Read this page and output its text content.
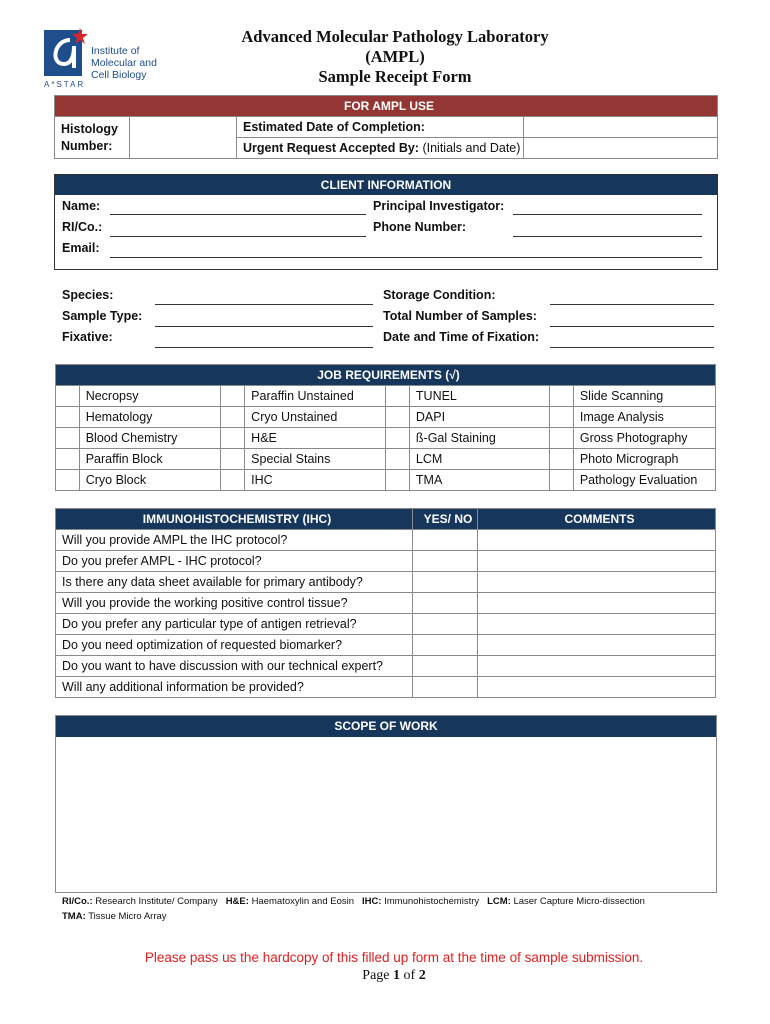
Institute of
Molecular and
Cell Biology
A*STAR
Advanced Molecular Pathology Laboratory
(AMPL)
Sample Receipt Form
FOR AMPL USE			

Histology
Number:		Estimated Date of Completion:	
		Urgent Request Accepted By: (Initials and Date)	
CLIENT INFORMATION
Name:	Principal Investigator:
RI/Co.:	Phone Number:
Email:
Species:	Storage Condition:
Sample Type:	Total Number of Samples:
Fixative:	Date and Time of Fixation:
JOB REQUIREMENTS (√)							
	Necropsy		Paraffin Unstained		TUNEL		Slide Scanning
	Hematology		Cryo Unstained		DAPI		Image Analysis
	Blood Chemistry		H&E		ß-Gal Staining		Gross Photography
	Paraffin Block		Special Stains		LCM		Photo Micrograph
	Cryo Block		IHC		TMA		Pathology Evaluation
IMMUNOHISTOCHEMISTRY (IHC)	YES/ NO	COMMENTS
Will you provide AMPL the IHC protocol?		
Do you prefer AMPL - IHC protocol?		
Is there any data sheet available for primary antibody?		
Will you provide the working positive control tissue?		
Do you prefer any particular type of antigen retrieval?		
Do you need optimization of requested biomarker?		
Do you want to have discussion with our technical expert?		
Will any additional information be provided?		
SCOPE OF WORK
RI/Co.: Research Institute/ Company H&E: Haematoxylin and Eosin IHC: Immunohistochemistry LCM: Laser Capture Micro-dissection
TMA: Tissue Micro Array
Please pass us the hardcopy of this filled up form at the time of sample submission.
Page 1 of 2
